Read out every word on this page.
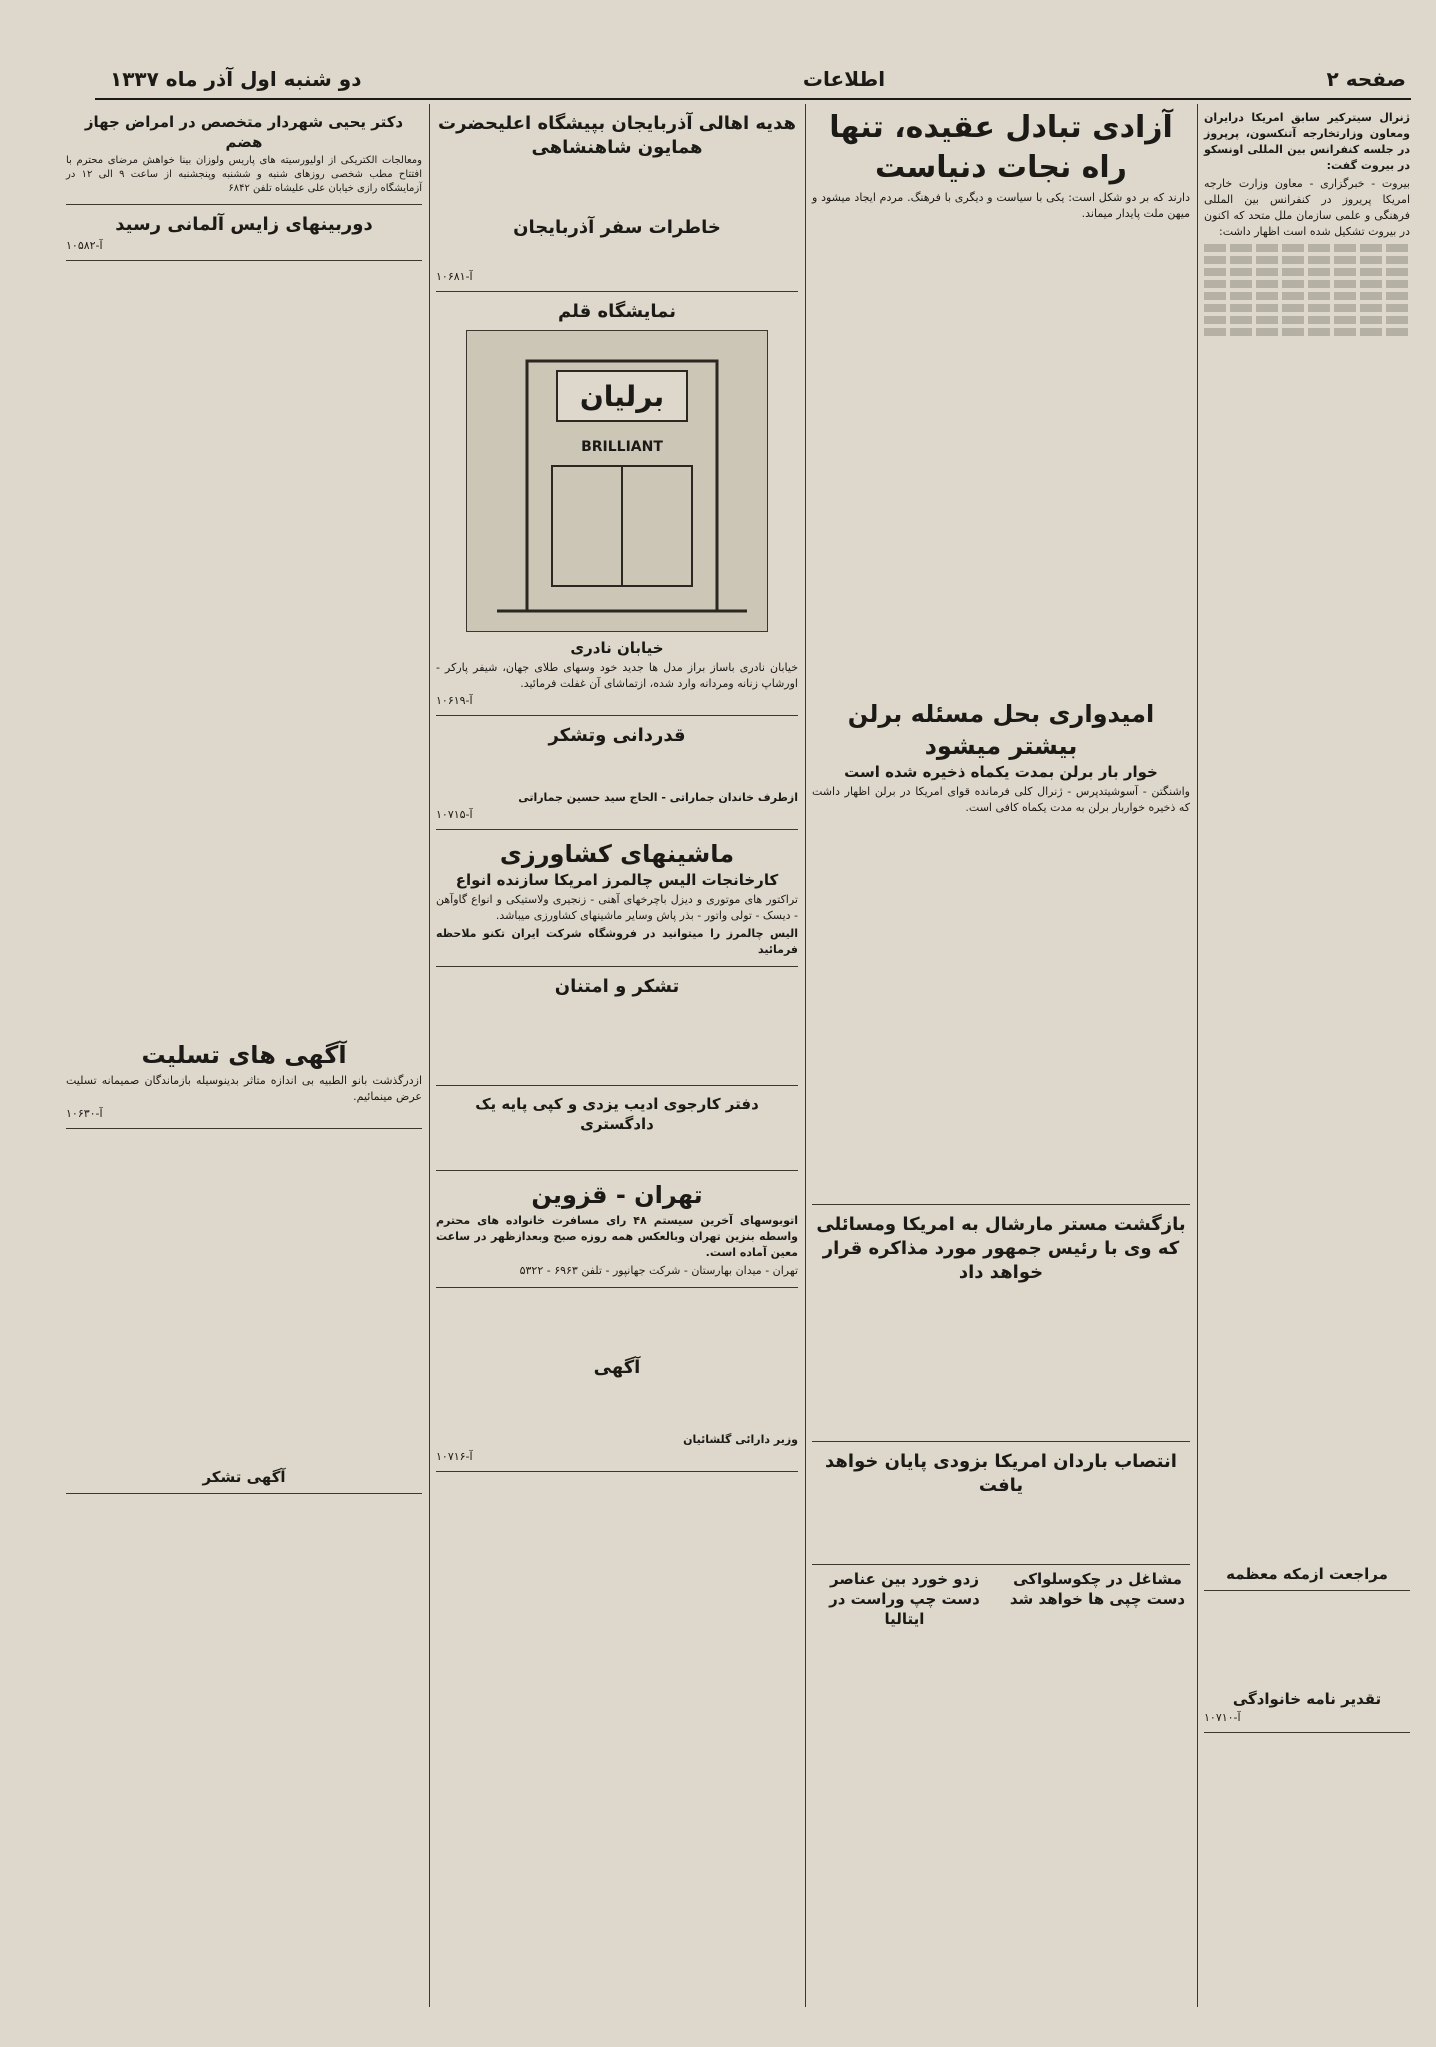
صفحه ۲
اطلاعات
دو شنبه اول آذر ماه ۱۳۳۷

ژنرال سیترکیر سابق امریکا درایران ومعاون وزارتخارجه آتنکسون، پرپروز در جلسه کنفرانس بین المللی اونسکو در بیروت گفت:

بیروت - خبرگزاری - معاون وزارت خارجه امریکا پریروز در کنفرانس بین المللی فرهنگی و علمی سازمان ملل متحد که اکنون در بیروت تشکیل شده است اظهار داشت:

مراجعت ازمکه معظمه
تقدیر نامه خانوادگی
آ-۱۰۷۱۰
آزادی تبادل عقیده، تنها راه نجات دنیاست

دارند که بر دو شکل است: یکی با سیاست و دیگری با فرهنگ. مردم ایجاد میشود و میهن ملت پایدار میماند.

امیدواری بحل مسئله برلن بیشتر میشود
خوار بار برلن بمدت یکماه ذخیره شده است

واشنگتن - آسوشیتدپرس - ژنرال کلی فرمانده قوای امریکا در برلن اظهار داشت که ذخیره خواربار برلن به مدت یکماه کافی است.

بازگشت مستر مارشال به امریکا ومسائلی که وی با رئیس جمهور مورد مذاکره قرار خواهد داد
انتصاب باردان امریکا بزودی پایان خواهد یافت
مشاغل در چکوسلواکی دست چپی ها خواهد شد
زدو خورد بین عناصر دست چپ وراست در ایتالیا
هدیه اهالی آذربایجان بپیشگاه اعلیحضرت همایون شاهنشاهی
خاطرات سفر آذربایجان
آ-۱۰۶۸۱
نمایشگاه قلم
برلیان
BRILLIANT
خیابان نادری

خیابان نادری باساز براز مدل ها جدید خود وسهای طلای جهان، شیفر پارکر - اورشاپ زنانه ومردانه وارد شده، ازتماشای آن غفلت فرمائید.

آ-۱۰۶۱۹
قدردانی وتشکر

ازطرف خاندان جماراتی - الحاج سید حسین جماراتی

آ-۱۰۷۱۵
ماشینهای کشاورزی
کارخانجات الیس چالمرز امریکا سازنده انواع

تراکتور های موتوری و دیزل باچرخهای آهنی - زنجیری ولاستیکی و انواع گاوآهن - دیسک - تولی واتور - بذر پاش وسایر ماشینهای کشاورزی میباشد.

الیس چالمرز را میتوانید در فروشگاه شرکت ایران تکنو ملاحظه فرمائید

تشکر و امتنان
دفتر کارجوی ادیب یزدی و کپی پایه یک دادگستری
تهران - قزوین

اتوبوسهای آخرین سیستم ۴۸ رای مسافرت خانواده های محترم واسطه بنزین تهران وبالعکس همه روزه صبح وبعدازظهر در ساعت معین آماده است.

تهران - میدان بهارستان - شرکت جهانپور - تلفن ۶۹۶۳ - ۵۳۲۲

آگهی

وزیر دارائی گلشائیان

آ-۱۰۷۱۶
دکتر یحیی شهردار متخصص در امراض جهاز هضم

ومعالجات الکتریکی از اولیورسیته های پاریس ولوزان بینا خواهش مرضای محترم با افتتاح مطب شخصی روزهای شنبه و ششنبه وپنجشنبه از ساعت ۹ الی ۱۲ در آزمایشگاه رازی خیابان علی علیشاه تلفن ۶۸۴۲

دوربینهای زایس آلمانی رسید
آ-۱۰۵۸۲
آگهی های تسلیت

ازدرگذشت بانو الطبیه بی اندازه متاثر بدینوسیله بازماندگان صمیمانه تسلیت عرض مینمائیم.

آ-۱۰۶۳۰
آگهی تشکر
